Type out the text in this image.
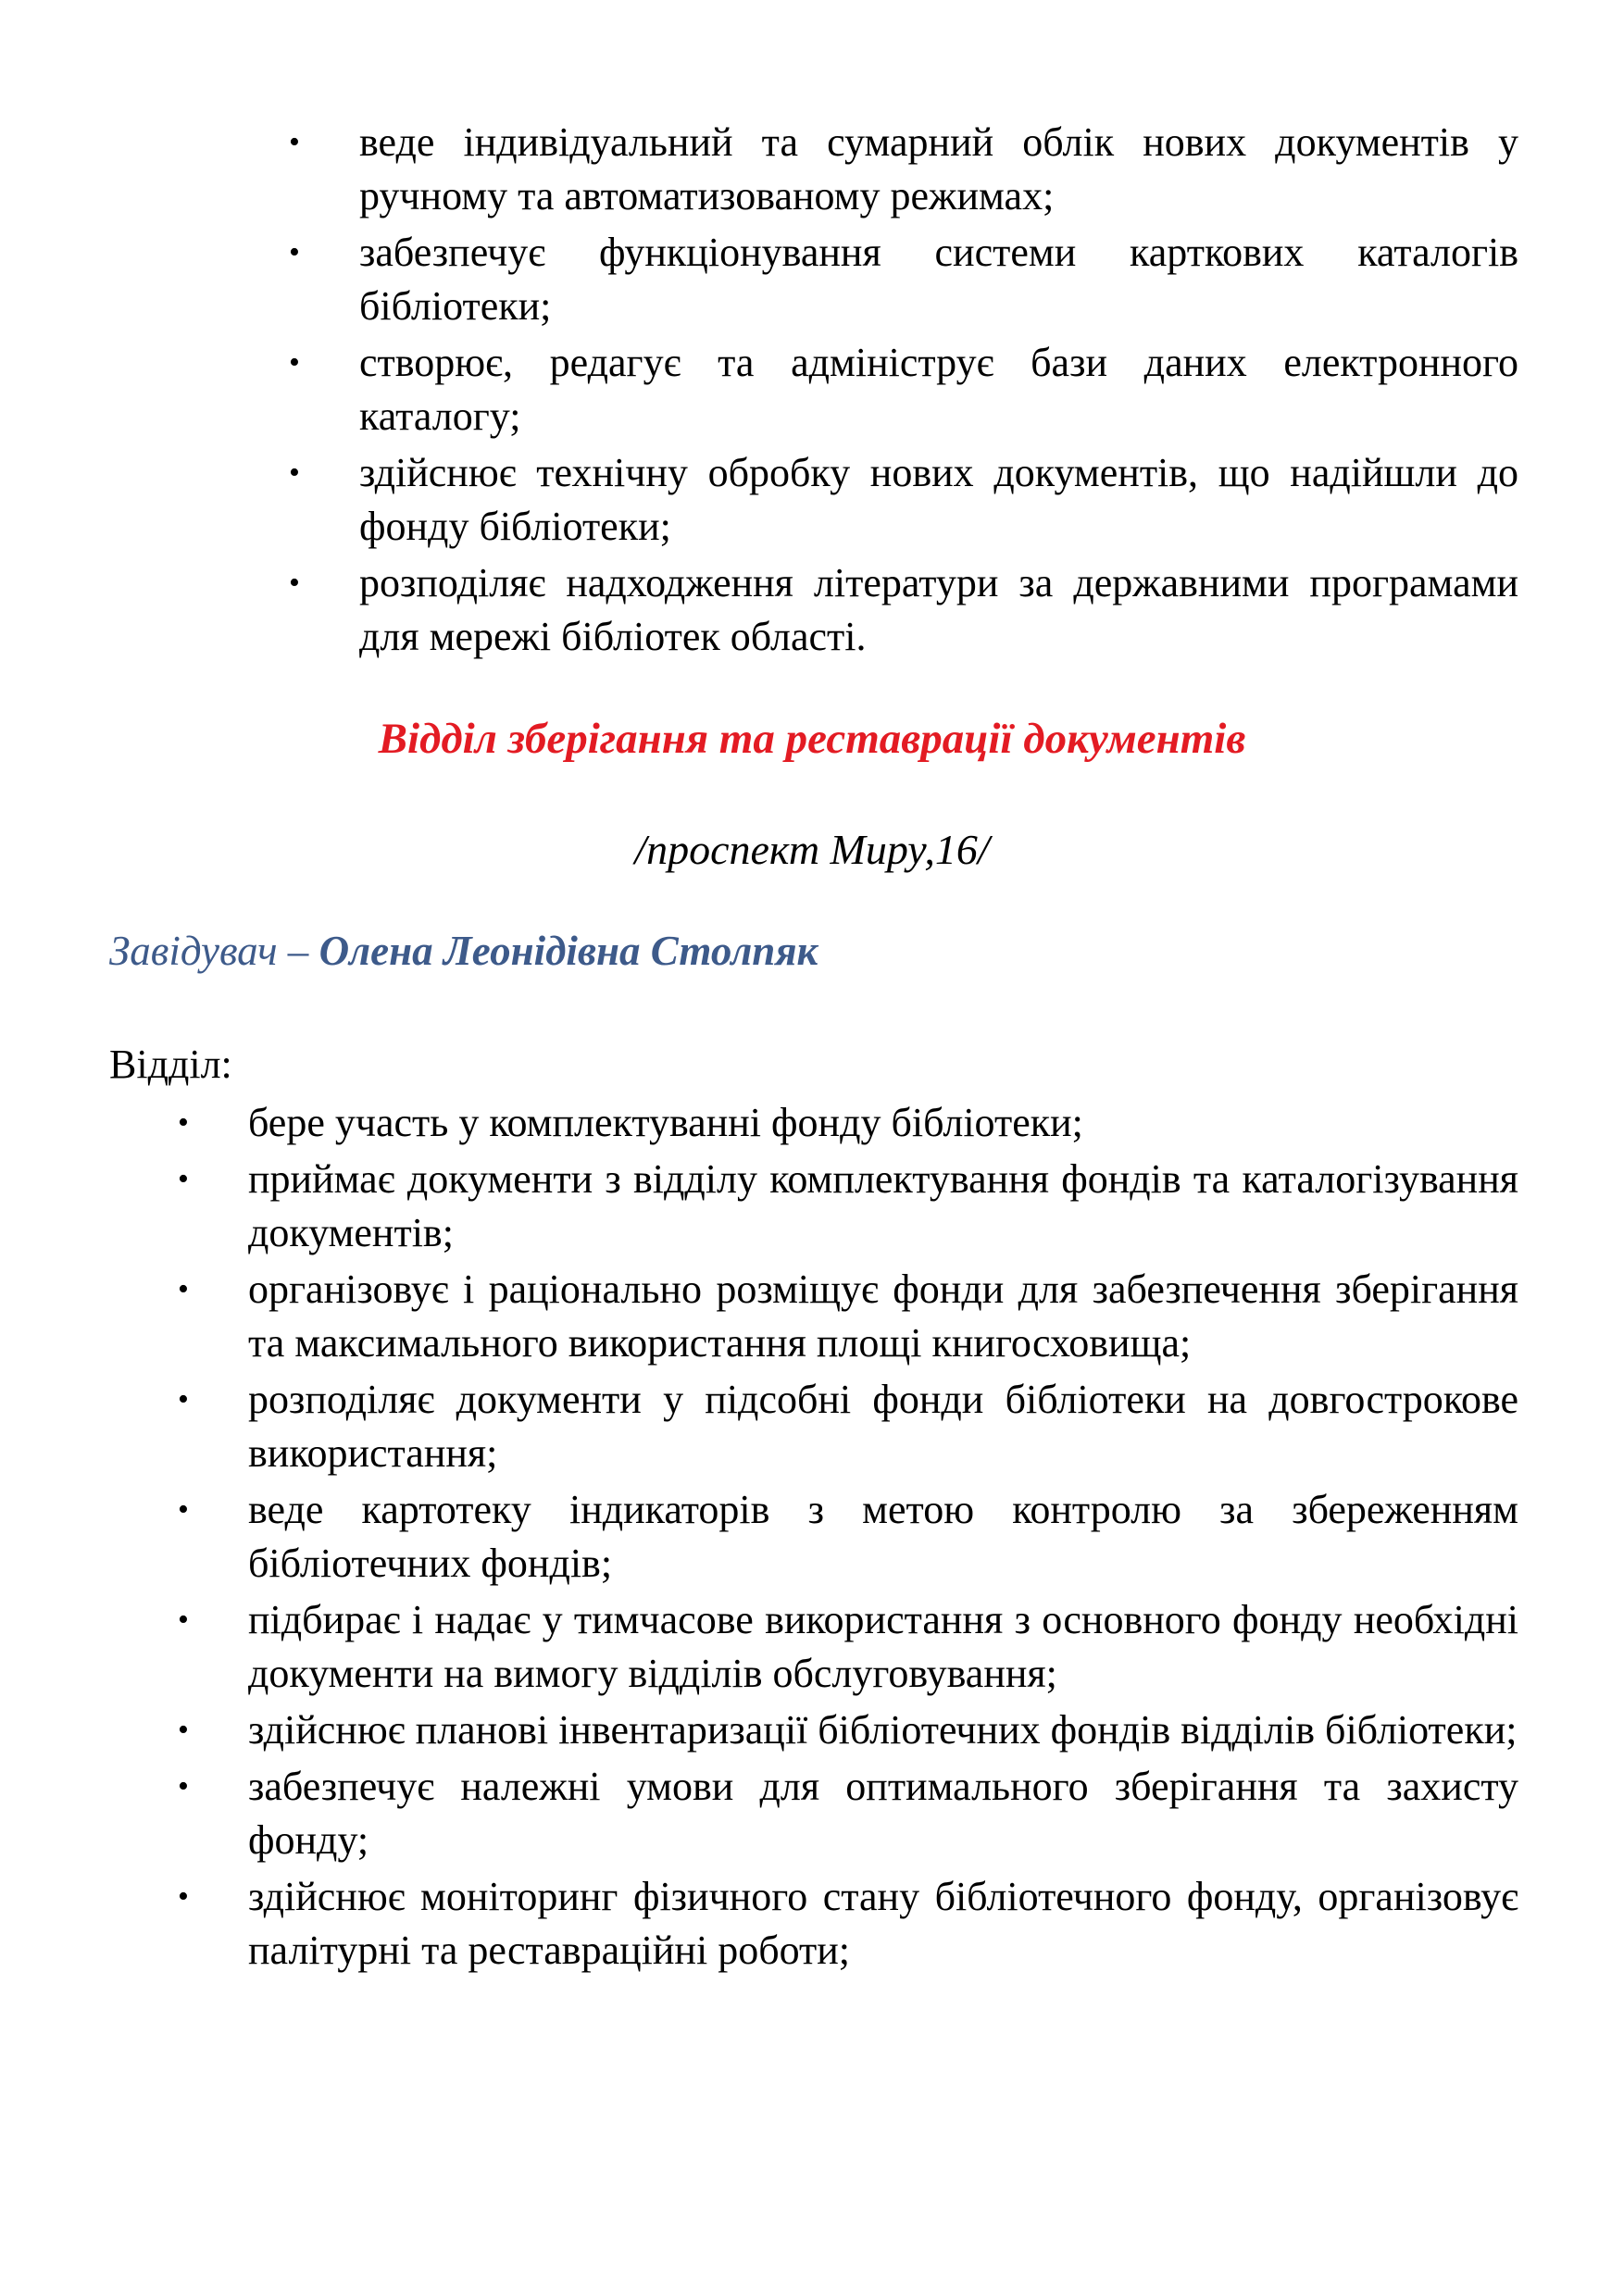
• веде індивідуальний та сумарний облік нових документів у ручному та автоматизованому режимах;
• забезпечує функціонування системи карткових каталогів бібліотеки;
• створює, редагує та адмініструє бази даних електронного каталогу;
• здійснює технічну обробку нових документів, що надійшли до фонду бібліотеки;
• розподіляє надходження літератури за державними програмами для мережі бібліотек області.
Відділ зберігання та реставрації документів
/проспект Миру,16/
Завідувач – Олена Леонідівна Столпяк
Відділ:
• бере участь у комплектуванні фонду бібліотеки;
• приймає документи з відділу комплектування фондів та каталогізування документів;
• організовує і раціонально розміщує фонди для забезпечення зберігання та максимального використання площі книгосховища;
• розподіляє документи у підсобні фонди бібліотеки на довгострокове використання;
• веде картотеку індикаторів з метою контролю за збереженням бібліотечних фондів;
• підбирає і надає у тимчасове використання з основного фонду необхідні документи на вимогу відділів обслуговування;
• здійснює планові інвентаризації бібліотечних фондів відділів бібліотеки;
• забезпечує належні умови для оптимального зберігання та захисту фонду;
• здійснює моніторинг фізичного стану бібліотечного фонду, організовує палітурні та реставраційні роботи;
